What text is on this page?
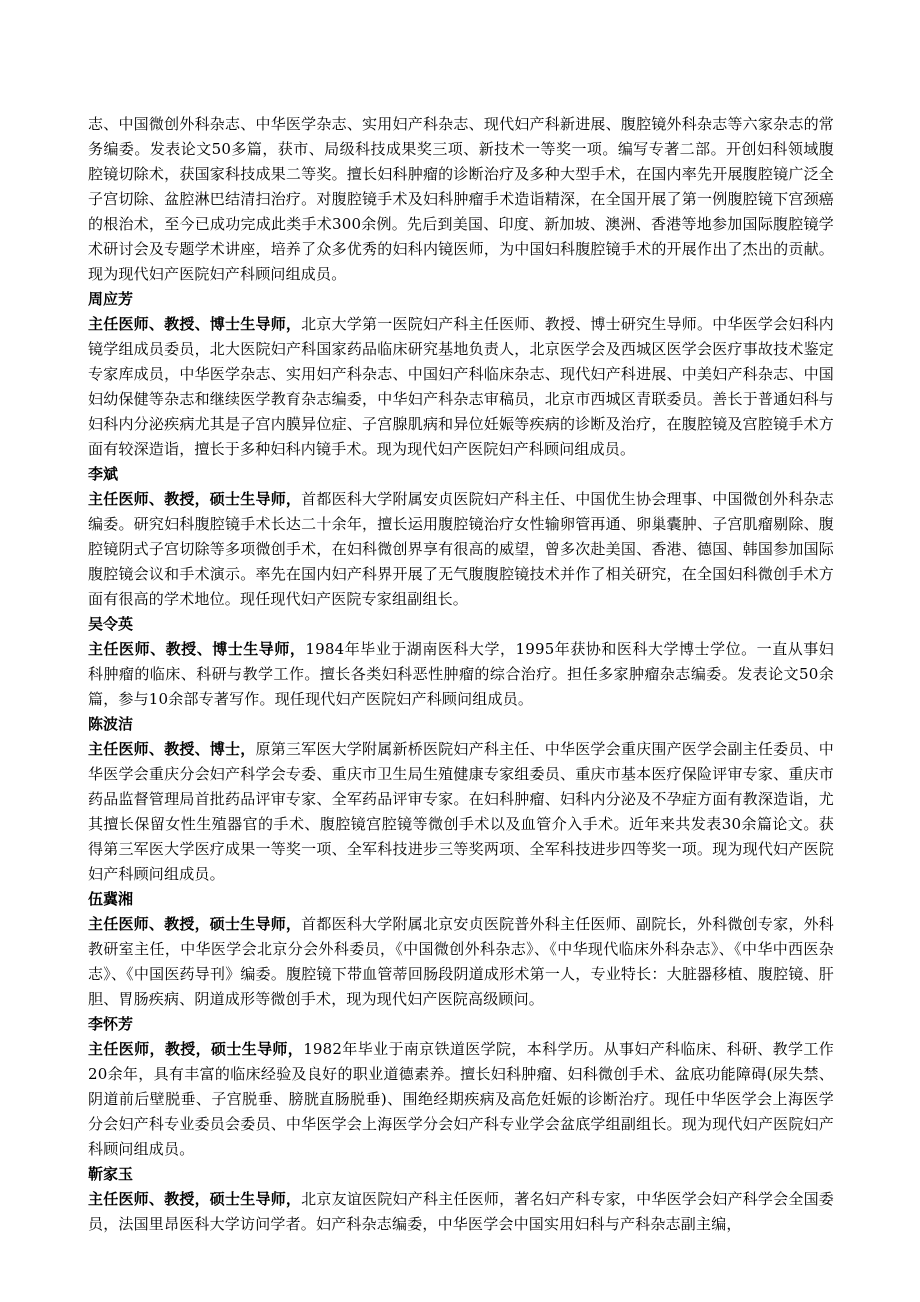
志、中国微创外科杂志、中华医学杂志、实用妇产科杂志、现代妇产科新进展、腹腔镜外科杂志等六家杂志的常务编委。发表论文50多篇，获市、局级科技成果奖三项、新技术一等奖一项。编写专著二部。开创妇科领域腹腔镜切除术，获国家科技成果二等奖。擅长妇科肿瘤的诊断治疗及多种大型手术，在国内率先开展腹腔镜广泛全子宫切除、盆腔淋巴结清扫治疗。对腹腔镜手术及妇科肿瘤手术造诣精深，在全国开展了第一例腹腔镜下宫颈癌的根治术，至今已成功完成此类手术300余例。先后到美国、印度、新加坡、澳洲、香港等地参加国际腹腔镜学术研讨会及专题学术讲座，培养了众多优秀的妇科内镜医师，为中国妇科腹腔镜手术的开展作出了杰出的贡献。现为现代妇产医院妇产科顾问组成员。

周应芳

主任医师、教授、博士生导师，北京大学第一医院妇产科主任医师、教授、博士研究生导师。中华医学会妇科内镜学组成员委员，北大医院妇产科国家药品临床研究基地负责人，北京医学会及西城区医学会医疗事故技术鉴定专家库成员，中华医学杂志、实用妇产科杂志、中国妇产科临床杂志、现代妇产科进展、中美妇产科杂志、中国妇幼保健等杂志和继续医学教育杂志编委，中华妇产科杂志审稿员，北京市西城区青联委员。善长于普通妇科与妇科内分泌疾病尤其是子宫内膜异位症、子宫腺肌病和异位妊娠等疾病的诊断及治疗，在腹腔镜及宫腔镜手术方面有较深造诣，擅长于多种妇科内镜手术。现为现代妇产医院妇产科顾问组成员。

李斌

主任医师、教授，硕士生导师，首都医科大学附属安贞医院妇产科主任、中国优生协会理事、中国微创外科杂志编委。研究妇科腹腔镜手术长达二十余年，擅长运用腹腔镜治疗女性输卵管再通、卵巢囊肿、子宫肌瘤剔除、腹腔镜阴式子宫切除等多项微创手术，在妇科微创界享有很高的威望，曾多次赴美国、香港、德国、韩国参加国际腹腔镜会议和手术演示。率先在国内妇产科界开展了无气腹腹腔镜技术并作了相关研究，在全国妇科微创手术方面有很高的学术地位。现任现代妇产医院专家组副组长。

吴令英

主任医师、教授、博士生导师，1984年毕业于湖南医科大学，1995年获协和医科大学博士学位。一直从事妇科肿瘤的临床、科研与教学工作。擅长各类妇科恶性肿瘤的综合治疗。担任多家肿瘤杂志编委。发表论文50余篇，参与10余部专著写作。现任现代妇产医院妇产科顾问组成员。

陈波洁

主任医师、教授、博士，原第三军医大学附属新桥医院妇产科主任、中华医学会重庆围产医学会副主任委员、中华医学会重庆分会妇产科学会专委、重庆市卫生局生殖健康专家组委员、重庆市基本医疗保险评审专家、重庆市药品监督管理局首批药品评审专家、全军药品评审专家。在妇科肿瘤、妇科内分泌及不孕症方面有教深造诣，尤其擅长保留女性生殖器官的手术、腹腔镜宫腔镜等微创手术以及血管介入手术。近年来共发表30余篇论文。获得第三军医大学医疗成果一等奖一项、全军科技进步三等奖两项、全军科技进步四等奖一项。现为现代妇产医院妇产科顾问组成员。

伍冀湘

主任医师、教授，硕士生导师，首都医科大学附属北京安贞医院普外科主任医师、副院长，外科微创专家，外科教研室主任，中华医学会北京分会外科委员，《中国微创外科杂志》、《中华现代临床外科杂志》、《中华中西医杂志》、《中国医药导刊》编委。腹腔镜下带血管蒂回肠段阴道成形术第一人，专业特长：大脏器移植、腹腔镜、肝胆、胃肠疾病、阴道成形等微创手术，现为现代妇产医院高级顾问。

李怀芳

主任医师，教授，硕士生导师，1982年毕业于南京铁道医学院，本科学历。从事妇产科临床、科研、教学工作20余年，具有丰富的临床经验及良好的职业道德素养。擅长妇科肿瘤、妇科微创手术、盆底功能障碍(尿失禁、阴道前后壁脱垂、子宫脱垂、膀胱直肠脱垂)、围绝经期疾病及高危妊娠的诊断治疗。现任中华医学会上海医学分会妇产科专业委员会委员、中华医学会上海医学分会妇产科专业学会盆底学组副组长。现为现代妇产医院妇产科顾问组成员。

靳家玉

主任医师、教授，硕士生导师，北京友谊医院妇产科主任医师，著名妇产科专家，中华医学会妇产科学会全国委员，法国里昂医科大学访问学者。妇产科杂志编委，中华医学会中国实用妇科与产科杂志副主编，
